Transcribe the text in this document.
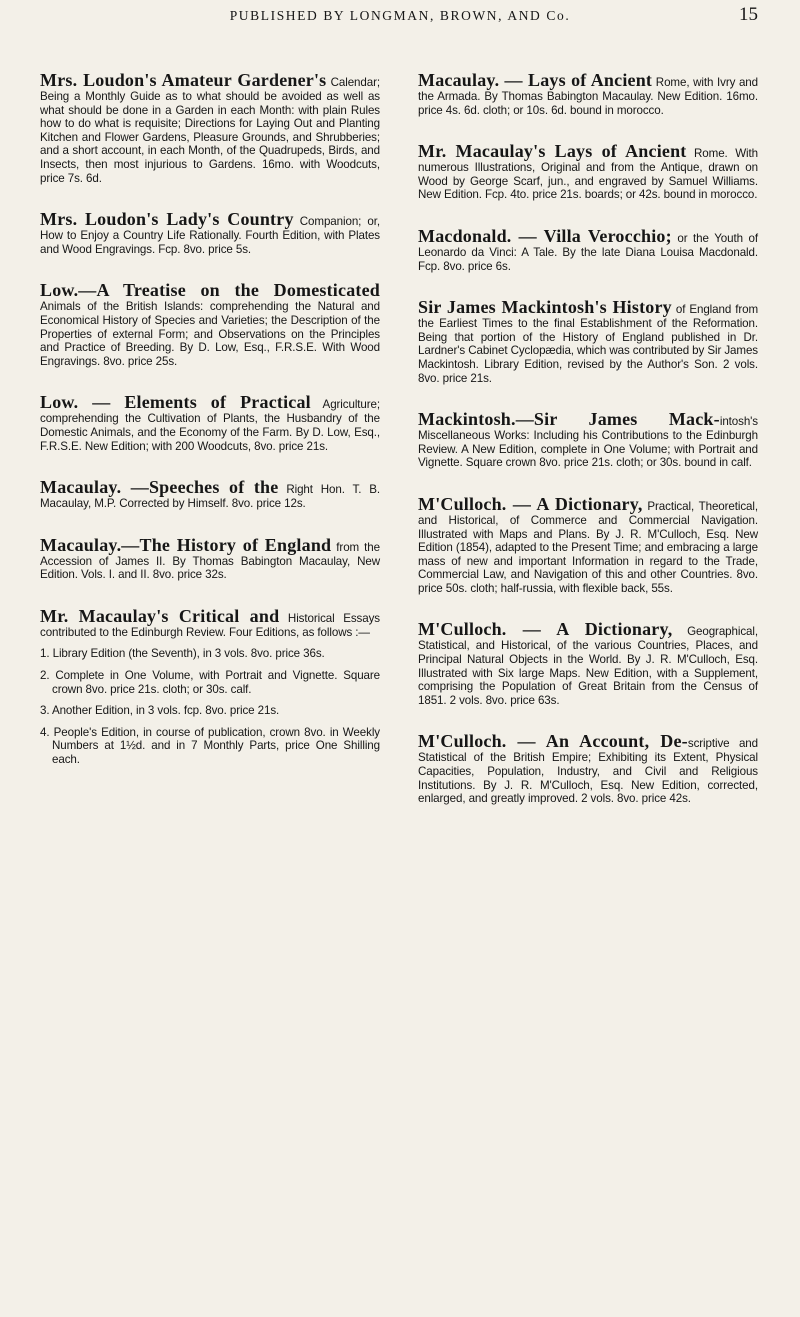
PUBLISHED BY LONGMAN, BROWN, AND Co.	15
Mrs. Loudon's Amateur Gardener's Calendar; Being a Monthly Guide as to what should be avoided as well as what should be done in a Garden in each Month: with plain Rules how to do what is requisite; Directions for Laying Out and Planting Kitchen and Flower Gardens, Pleasure Grounds, and Shrubberies; and a short account, in each Month, of the Quadrupeds, Birds, and Insects, then most injurious to Gardens. 16mo. with Woodcuts, price 7s. 6d.
Mrs. Loudon's Lady's Country Companion; or, How to Enjoy a Country Life Rationally. Fourth Edition, with Plates and Wood Engravings. Fcp. 8vo. price 5s.
Low.—A Treatise on the Domesticated Animals of the British Islands: comprehending the Natural and Economical History of Species and Varieties; the Description of the Properties of external Form; and Observations on the Principles and Practice of Breeding. By D. Low, Esq., F.R.S.E. With Wood Engravings. 8vo. price 25s.
Low. — Elements of Practical Agriculture; comprehending the Cultivation of Plants, the Husbandry of the Domestic Animals, and the Economy of the Farm. By D. Low, Esq., F.R.S.E. New Edition; with 200 Woodcuts, 8vo. price 21s.
Macaulay. —Speeches of the Right Hon. T. B. Macaulay, M.P. Corrected by Himself. 8vo. price 12s.
Macaulay.—The History of England from the Accession of James II. By Thomas Babington Macaulay, New Edition. Vols. I. and II. 8vo. price 32s.
Mr. Macaulay's Critical and Historical Essays contributed to the Edinburgh Review. Four Editions, as follows :—
1. Library Edition (the Seventh), in 3 vols. 8vo. price 36s.
2. Complete in One Volume, with Portrait and Vignette. Square crown 8vo. price 21s. cloth; or 30s. calf.
3. Another Edition, in 3 vols. fcp. 8vo. price 21s.
4. People's Edition, in course of publication, crown 8vo. in Weekly Numbers at 1½d. and in 7 Monthly Parts, price One Shilling each.
Macaulay. — Lays of Ancient Rome, with Ivry and the Armada. By Thomas Babington Macaulay. New Edition. 16mo. price 4s. 6d. cloth; or 10s. 6d. bound in morocco.
Mr. Macaulay's Lays of Ancient Rome. With numerous Illustrations, Original and from the Antique, drawn on Wood by George Scarf, jun., and engraved by Samuel Williams. New Edition. Fcp. 4to. price 21s. boards; or 42s. bound in morocco.
Macdonald. — Villa Verocchio; or the Youth of Leonardo da Vinci: A Tale. By the late Diana Louisa Macdonald. Fcp. 8vo. price 6s.
Sir James Mackintosh's History of England from the Earliest Times to the final Establishment of the Reformation. Being that portion of the History of England published in Dr. Lardner's Cabinet Cyclopædia, which was contributed by Sir James Mackintosh. Library Edition, revised by the Author's Son. 2 vols. 8vo. price 21s.
Mackintosh.—Sir James Mack-intosh's Miscellaneous Works: Including his Contributions to the Edinburgh Review. A New Edition, complete in One Volume; with Portrait and Vignette. Square crown 8vo. price 21s. cloth; or 30s. bound in calf.
M'Culloch. — A Dictionary, Practical, Theoretical, and Historical, of Commerce and Commercial Navigation. Illustrated with Maps and Plans. By J. R. M'Culloch, Esq. New Edition (1854), adapted to the Present Time; and embracing a large mass of new and important Information in regard to the Trade, Commercial Law, and Navigation of this and other Countries. 8vo. price 50s. cloth; half-russia, with flexible back, 55s.
M'Culloch. — A Dictionary, Geographical, Statistical, and Historical, of the various Countries, Places, and Principal Natural Objects in the World. By J. R. M'Culloch, Esq. Illustrated with Six large Maps. New Edition, with a Supplement, comprising the Population of Great Britain from the Census of 1851. 2 vols. 8vo. price 63s.
M'Culloch. — An Account, De-scriptive and Statistical of the British Empire; Exhibiting its Extent, Physical Capacities, Population, Industry, and Civil and Religious Institutions. By J. R. M'Culloch, Esq. New Edition, corrected, enlarged, and greatly improved. 2 vols. 8vo. price 42s.
